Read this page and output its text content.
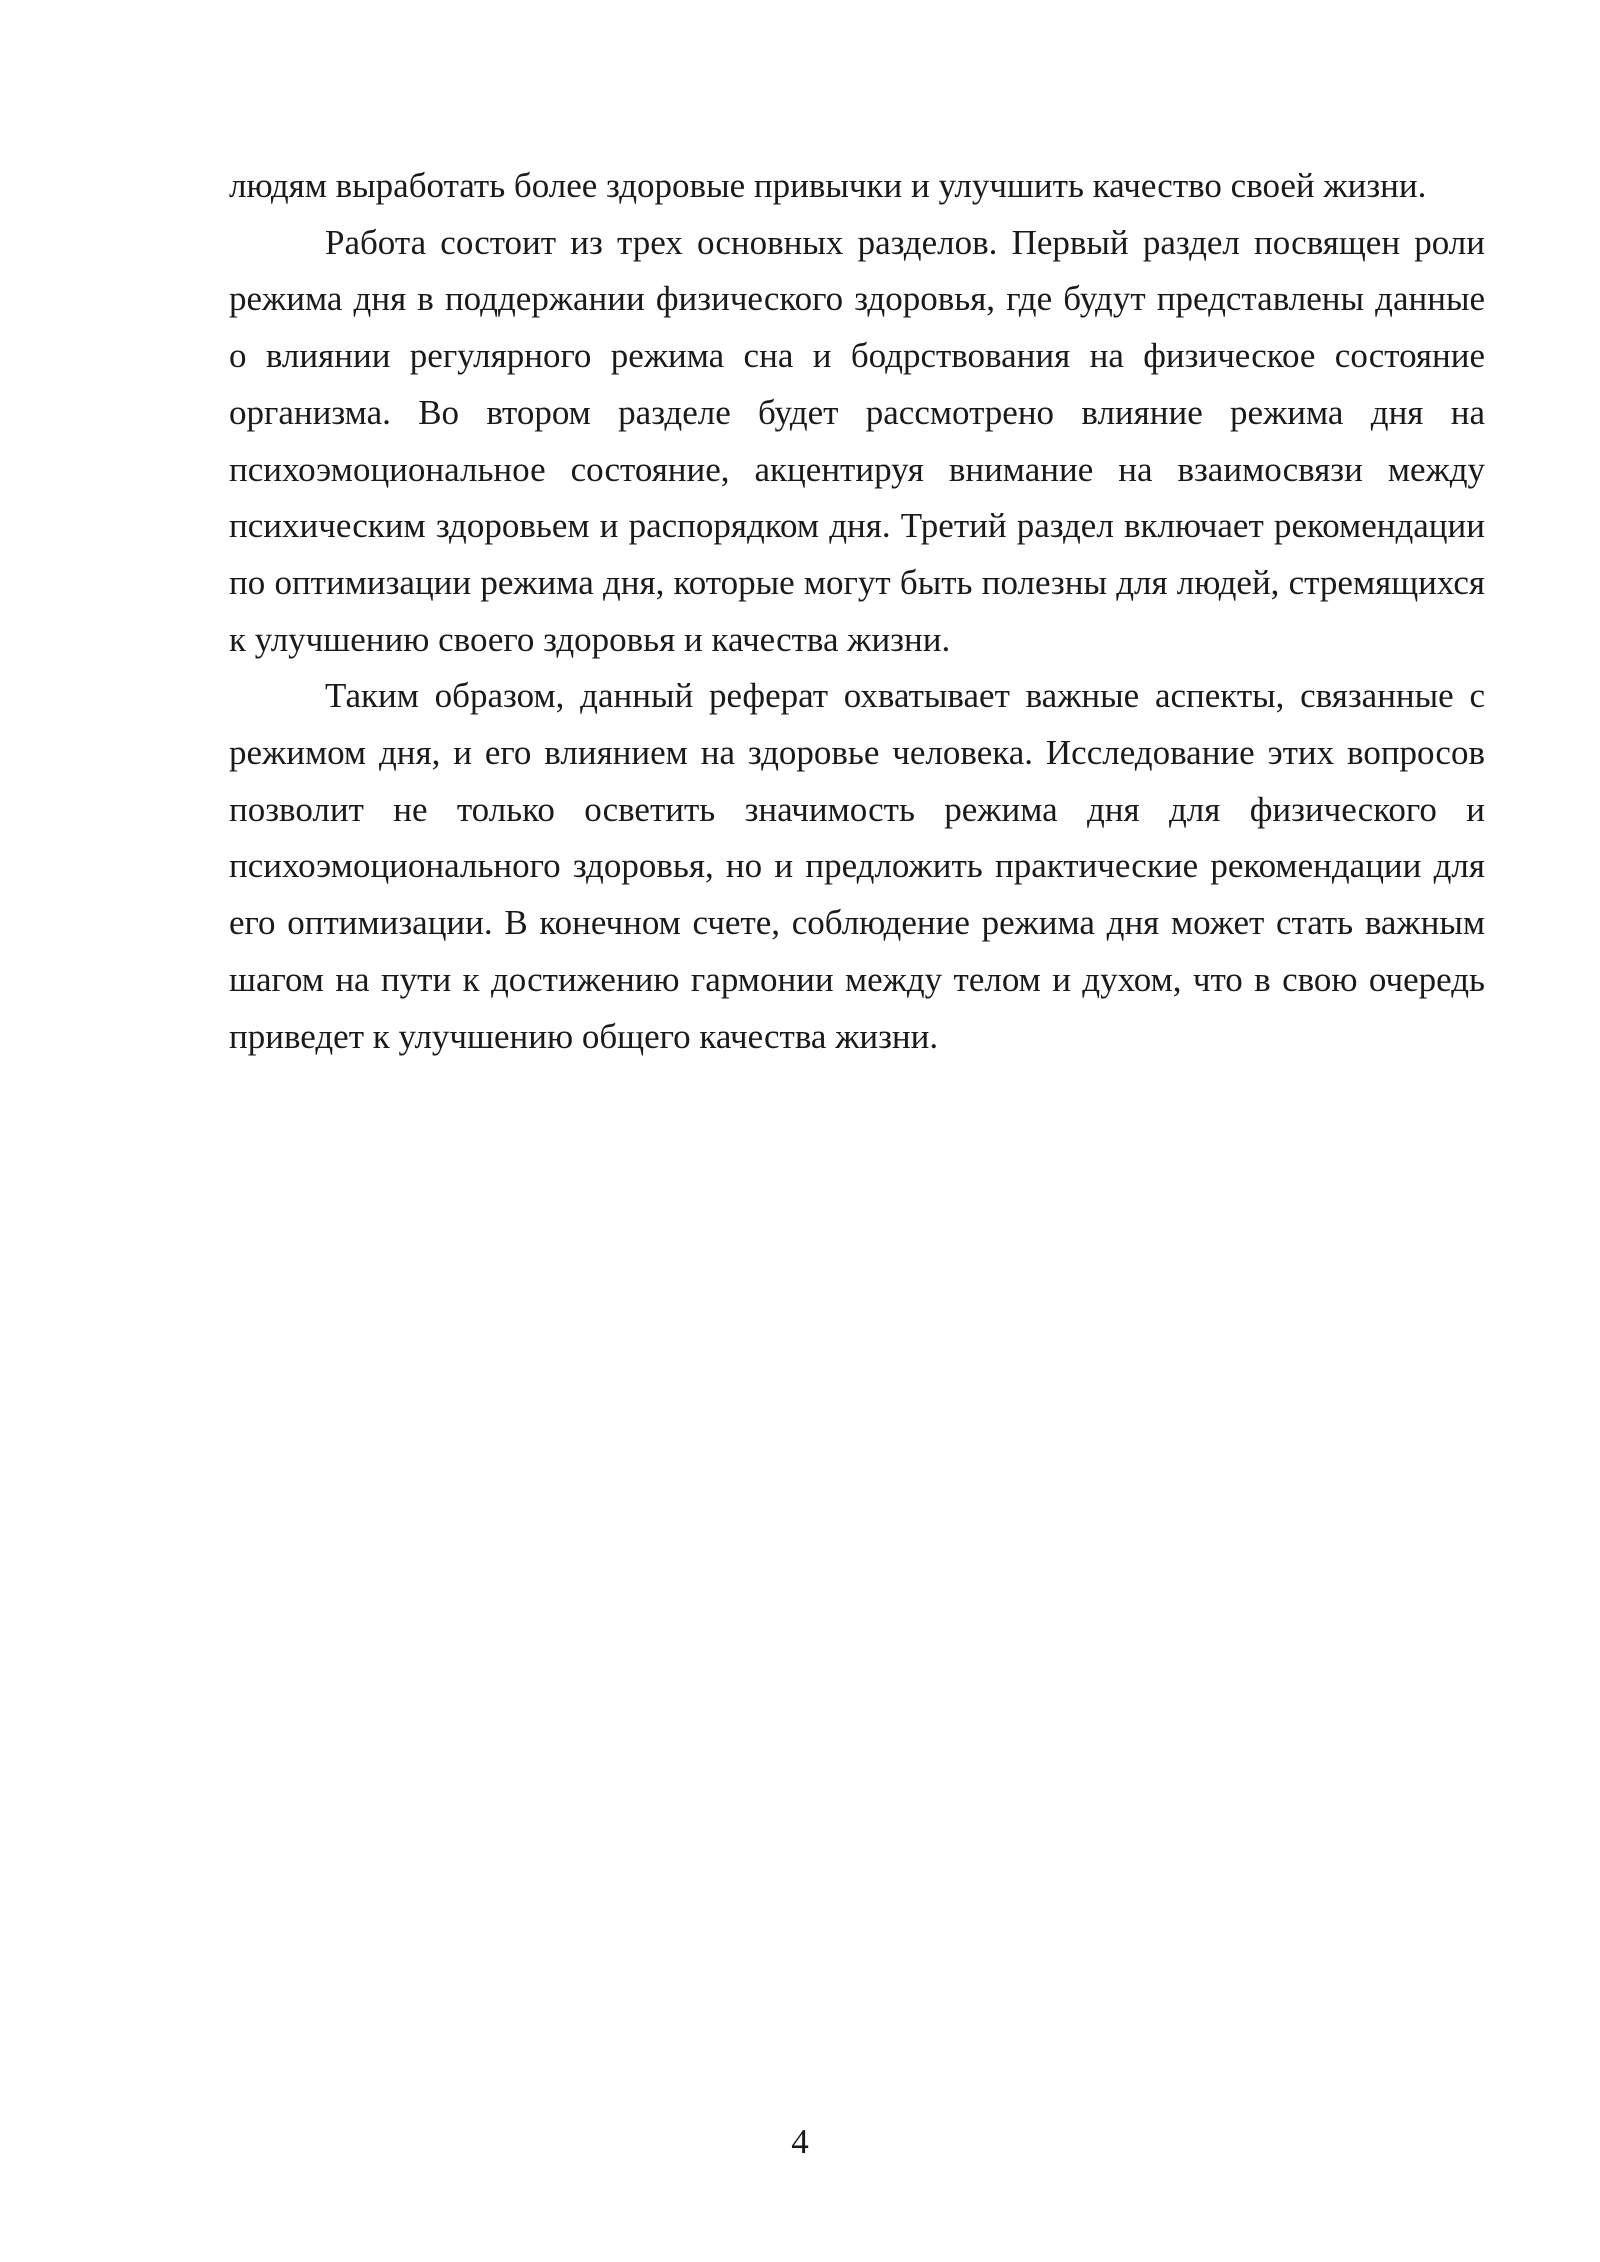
людям выработать более здоровые привычки и улучшить качество своей жизни.

Работа состоит из трех основных разделов. Первый раздел посвящен роли режима дня в поддержании физического здоровья, где будут представлены данные о влиянии регулярного режима сна и бодрствования на физическое состояние организма. Во втором разделе будет рассмотрено влияние режима дня на психоэмоциональное состояние, акцентируя внимание на взаимосвязи между психическим здоровьем и распорядком дня. Третий раздел включает рекомендации по оптимизации режима дня, которые могут быть полезны для людей, стремящихся к улучшению своего здоровья и качества жизни.

Таким образом, данный реферат охватывает важные аспекты, связанные с режимом дня, и его влиянием на здоровье человека. Исследование этих вопросов позволит не только осветить значимость режима дня для физического и психоэмоционального здоровья, но и предложить практические рекомендации для его оптимизации. В конечном счете, соблюдение режима дня может стать важным шагом на пути к достижению гармонии между телом и духом, что в свою очередь приведет к улучшению общего качества жизни.

4
